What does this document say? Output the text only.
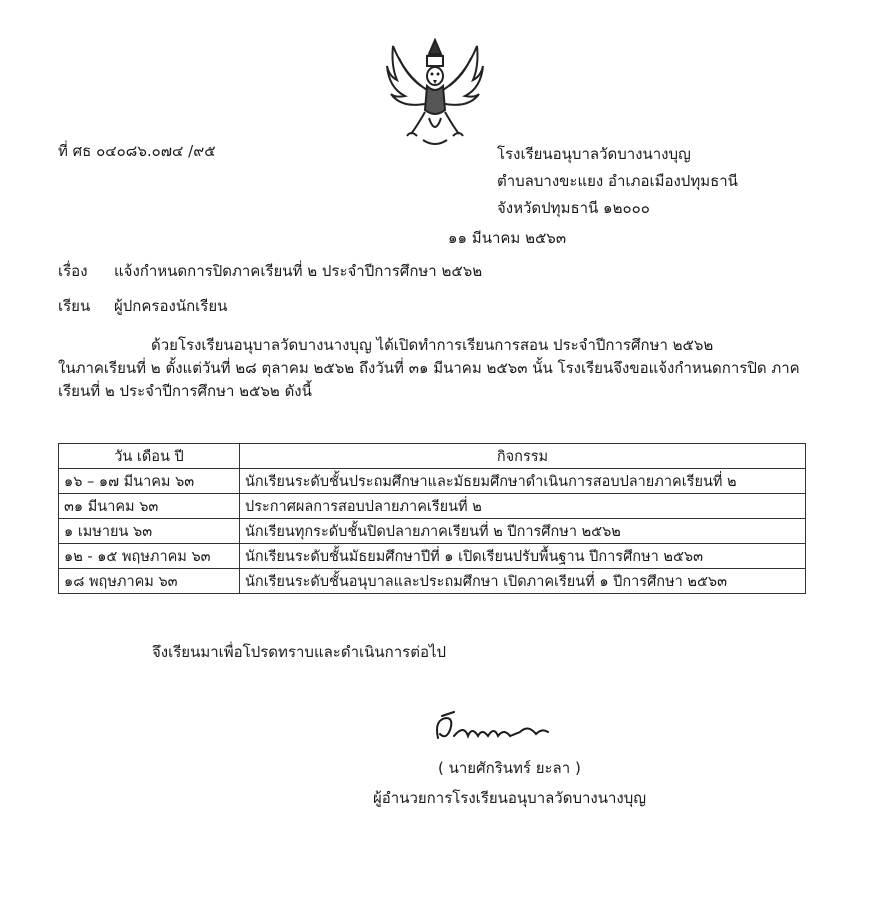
ที่ ศธ ๐๔๐๘๖.๐๗๔ /๙๕	โรงเรียนอนุบาลวัดบางนางบุญ
ตำบลบางขะแยง อำเภอเมืองปทุมธานี
จังหวัดปทุมธานี ๑๒๐๐๐
๑๑ มีนาคม ๒๕๖๓
เรื่อง แจ้งกำหนดการปิดภาคเรียนที่ ๒ ประจำปีการศึกษา ๒๕๖๒
เรียน ผู้ปกครองนักเรียน

ด้วยโรงเรียนอนุบาลวัดบางนางบุญ ได้เปิดทำการเรียนการสอน ประจำปีการศึกษา ๒๕๖๒

ในภาคเรียนที่ ๒ ตั้งแต่วันที่ ๒๘ ตุลาคม ๒๕๖๒ ถึงวันที่ ๓๑ มีนาคม ๒๕๖๓ นั้น โรงเรียนจึงขอแจ้งกำหนดการปิด ภาค

เรียนที่ ๒ ประจำปีการศึกษา ๒๕๖๒ ดังนี้

วัน เดือน ปี	กิจกรรม
๑๖ – ๑๗ มีนาคม ๖๓	นักเรียนระดับชั้นประถมศึกษาและมัธยมศึกษาดำเนินการสอบปลายภาคเรียนที่ ๒
๓๑ มีนาคม ๖๓	ประกาศผลการสอบปลายภาคเรียนที่ ๒
๑ เมษายน ๖๓	นักเรียนทุกระดับชั้นปิดปลายภาคเรียนที่ ๒ ปีการศึกษา ๒๕๖๒
๑๒ - ๑๕ พฤษภาคม ๖๓	นักเรียนระดับชั้นมัธยมศึกษาปีที่ ๑ เปิดเรียนปรับพื้นฐาน ปีการศึกษา ๒๕๖๓
๑๘ พฤษภาคม ๖๓	นักเรียนระดับชั้นอนุบาลและประถมศึกษา เปิดภาคเรียนที่ ๑ ปีการศึกษา ๒๕๖๓
จึงเรียนมาเพื่อโปรดทราบและดำเนินการต่อไป
( นายศักรินทร์ ยะลา )
ผู้อำนวยการโรงเรียนอนุบาลวัดบางนางบุญ
